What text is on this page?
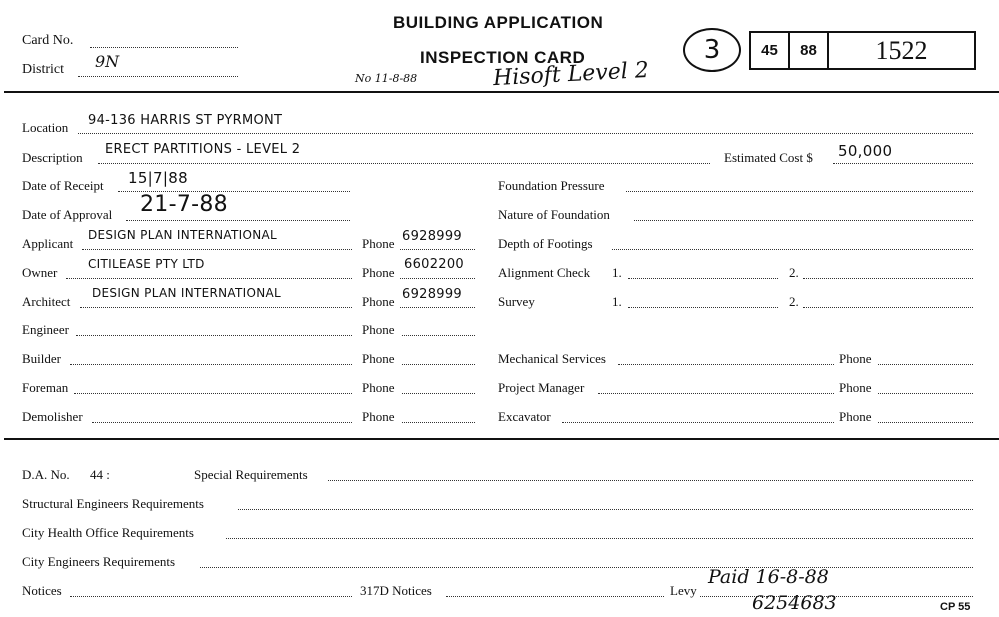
Card No.
District 9N
BUILDING APPLICATION
INSPECTION CARD
No 11-8-88	Hisoft Level 2
3	45	88	1522
Location 94-136 HARRIS ST PYRMONT
Description
ERECT PARTITIONS - LEVEL 2
Estimated Cost $ 50,000
Date of Receipt 15|7|88
Date of Approval 21-7-88
Applicant
DESIGN PLAN INTERNATIONAL
Phone 6928999
Owner
CITILEASE PTY LTD
Phone
6602200
Architect
DESIGN PLAN INTERNATIONAL
Phone 6928999
Engineer	Phone
Builder	Phone
Foreman	Phone
Demolisher	Phone
Foundation Pressure
Nature of Foundation
Depth of Footings
Alignment Check 1.	2.
Survey	1.	2.
Mechanical Services	Phone
Project Manager	Phone
Excavator	Phone
D.A. No. 44 :	Special Requirements
Structural Engineers Requirements
City Health Office Requirements
City Engineers Requirements
Notices	317D Notices	Levy
Paid 16-8-88
6254683	CP 55
